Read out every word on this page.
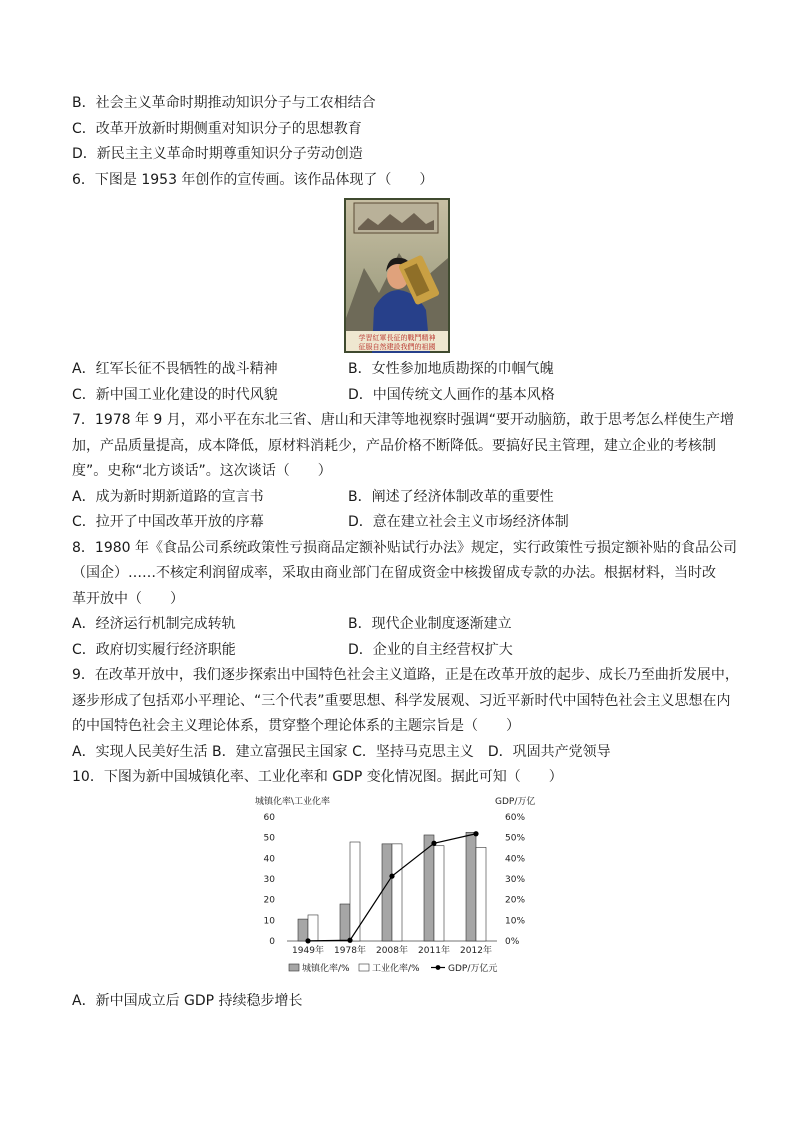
B．社会主义革命时期推动知识分子与工农相结合
C．改革开放新时期侧重对知识分子的思想教育
D．新民主主义革命时期尊重知识分子劳动创造
6．下图是 1953 年创作的宣传画。该作品体现了（　　）
学習紅軍長征的戰鬥精神
征服自然建設我們的祖國
A．红军长征不畏牺牲的战斗精神	B．女性参加地质勘探的巾帼气魄
C．新中国工业化建设的时代风貌	D．中国传统文人画作的基本风格
7．1978 年 9 月，邓小平在东北三省、唐山和天津等地视察时强调“要开动脑筋，敢于思考怎么样使生产增
加，产品质量提高，成本降低，原材料消耗少，产品价格不断降低。要搞好民主管理，建立企业的考核制
度”。史称“北方谈话”。这次谈话（　　）
A．成为新时期新道路的宣言书	B．阐述了经济体制改革的重要性
C．拉开了中国改革开放的序幕	D．意在建立社会主义市场经济体制
8．1980 年《食品公司系统政策性亏损商品定额补贴试行办法》规定，实行政策性亏损定额补贴的食品公司
（国企）……不核定利润留成率，采取由商业部门在留成资金中核拨留成专款的办法。根据材料，当时改
革开放中（　　）
A．经济运行机制完成转轨	B．现代企业制度逐渐建立
C．政府切实履行经济职能	D．企业的自主经营权扩大
9．在改革开放中，我们逐步探索出中国特色社会主义道路，正是在改革开放的起步、成长乃至曲折发展中，
逐步形成了包括邓小平理论、“三个代表”重要思想、科学发展观、习近平新时代中国特色社会主义思想在内
的中国特色社会主义理论体系，贯穿整个理论体系的主题宗旨是（　　）
A．实现人民美好生活 B．建立富强民主国家 C．坚持马克思主义　D．巩固共产党领导
10．下图为新中国城镇化率、工业化率和 GDP 变化情况图。据此可知（　　）
城镇化率\工业化率	GDP/万亿
0
10
20
30
40
50
60
0%
10%
20%
30%
40%
50%
60%
1949年 1978年 2008年 2011年 2012年
城镇化率/% 工业化率/%	GDP/万亿元
A．新中国成立后 GDP 持续稳步增长
